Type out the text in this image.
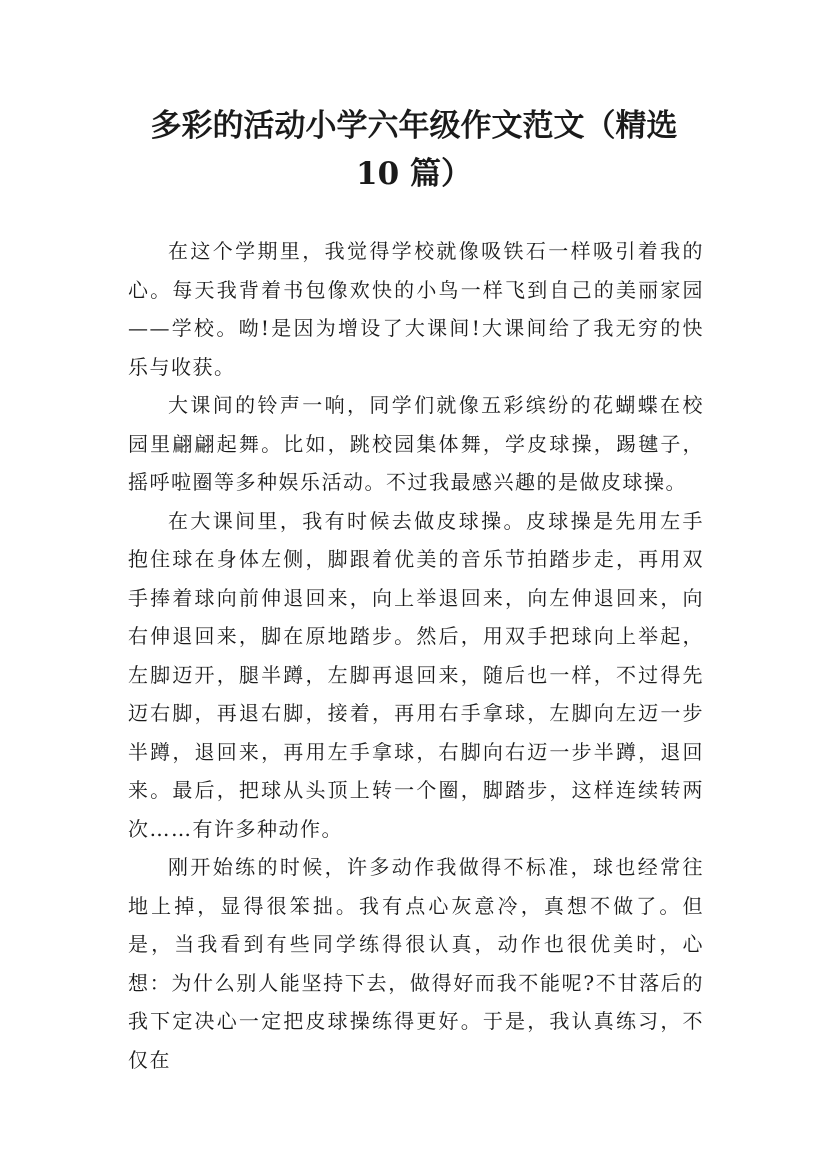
多彩的活动小学六年级作文范文（精选 10 篇）

在这个学期里，我觉得学校就像吸铁石一样吸引着我的心。每天我背着书包像欢快的小鸟一样飞到自己的美丽家园——学校。呦!是因为增设了大课间!大课间给了我无穷的快乐与收获。

大课间的铃声一响，同学们就像五彩缤纷的花蝴蝶在校园里翩翩起舞。比如，跳校园集体舞，学皮球操，踢毽子，摇呼啦圈等多种娱乐活动。不过我最感兴趣的是做皮球操。

在大课间里，我有时候去做皮球操。皮球操是先用左手抱住球在身体左侧，脚跟着优美的音乐节拍踏步走，再用双手捧着球向前伸退回来，向上举退回来，向左伸退回来，向右伸退回来，脚在原地踏步。然后，用双手把球向上举起，左脚迈开，腿半蹲，左脚再退回来，随后也一样，不过得先迈右脚，再退右脚，接着，再用右手拿球，左脚向左迈一步半蹲，退回来，再用左手拿球，右脚向右迈一步半蹲，退回来。最后，把球从头顶上转一个圈，脚踏步，这样连续转两次……有许多种动作。

刚开始练的时候，许多动作我做得不标准，球也经常往地上掉，显得很笨拙。我有点心灰意冷，真想不做了。但是，当我看到有些同学练得很认真，动作也很优美时，心想：为什么别人能坚持下去，做得好而我不能呢?不甘落后的我下定决心一定把皮球操练得更好。于是，我认真练习，不仅在
